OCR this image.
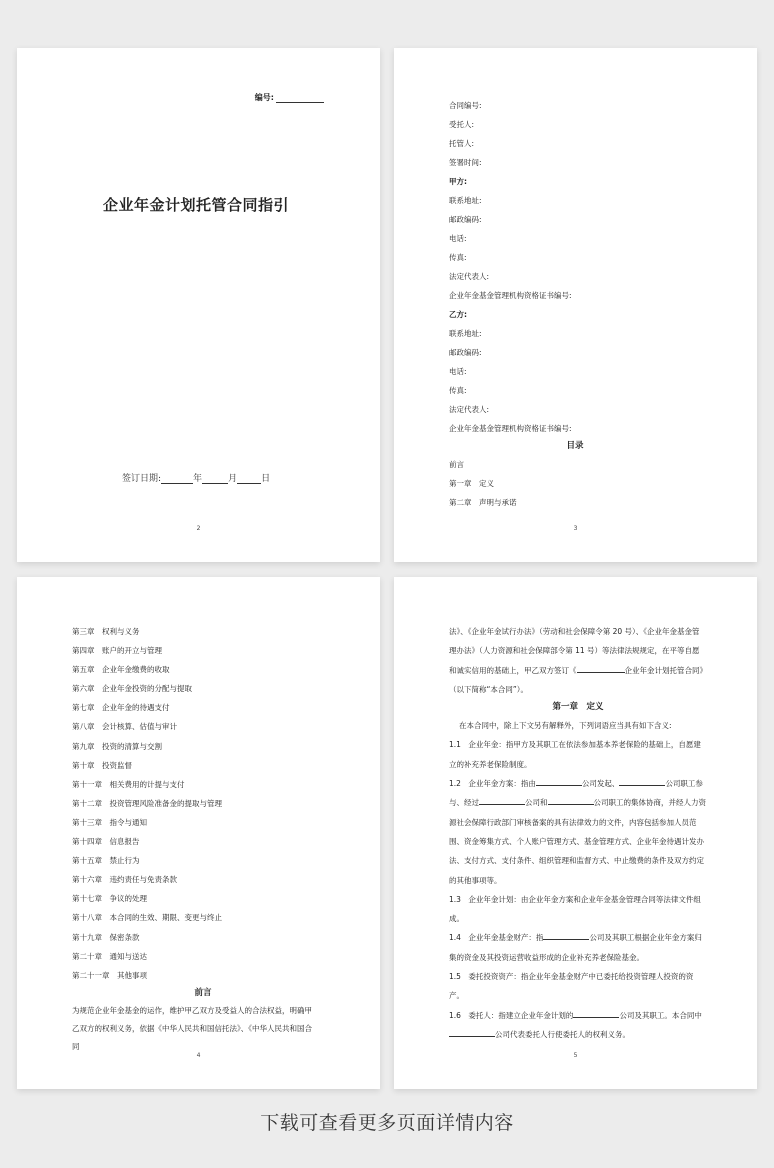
编号:
企业年金计划托管合同指引
签订日期:	年	月	日
2
合同编号:
受托人:
托管人:
签署时间:
甲方:
联系地址:
邮政编码:
电话:
传真:
法定代表人:
企业年金基金管理机构资格证书编号:
乙方:
联系地址:
邮政编码:
电话:
传真:
法定代表人:
企业年金基金管理机构资格证书编号:
目录
前言
第一章　定义
第二章　声明与承诺
3
第三章　权利与义务
第四章　账户的开立与管理
第五章　企业年金缴费的收取
第六章　企业年金投资的分配与提取
第七章　企业年金的待遇支付
第八章　会计核算、估值与审计
第九章　投资的清算与交割
第十章　投资监督
第十一章　相关费用的计提与支付
第十二章　投资管理风险准备金的提取与管理
第十三章　指令与通知
第十四章　信息报告
第十五章　禁止行为
第十六章　违约责任与免责条款
第十七章　争议的处理
第十八章　本合同的生效、期限、变更与终止
第十九章　保密条款
第二十章　通知与送达
第二十一章　其他事项
前言
为规范企业年金基金的运作，维护甲乙双方及受益人的合法权益，明确甲乙双方的权利义务，依据《中华人民共和国信托法》、《中华人民共和国合同
4
法》、《企业年金试行办法》（劳动和社会保障令第 20 号）、《企业年金基金管理办法》（人力资源和社会保障部令第 11 号）等法律法规规定，在平等自愿和诚实信用的基础上，甲乙双方签订《	企业年金计划托管合同》（以下简称“本合同”）。
第一章　定义
在本合同中，除上下文另有解释外，下列词语应当具有如下含义:
1.1　企业年金：指甲方及其职工在依法参加基本养老保险的基础上，自愿建立的补充养老保险制度。
1.2　企业年金方案：指由	公司发起、	公司职工参与、经过	公司和	公司职工的集体协商，并经人力资源社会保障行政部门审核备案的具有法律效力的文件，内容包括参加人员范围、资金筹集方式、个人账户管理方式、基金管理方式、企业年金待遇计发办法、支付方式、支付条件、组织管理和监督方式、中止缴费的条件及双方约定的其他事项等。
1.3　企业年金计划：由企业年金方案和企业年金基金管理合同等法律文件组成。
1.4　企业年金基金财产：指	公司及其职工根据企业年金方案归集的资金及其投资运营收益形成的企业补充养老保险基金。
1.5　委托投资资产：指企业年金基金财产中已委托给投资管理人投资的资产。
1.6　委托人：指建立企业年金计划的	公司及其职工。本合同中公司代表委托人行使委托人的权利义务。
5
下载可查看更多页面详情内容
